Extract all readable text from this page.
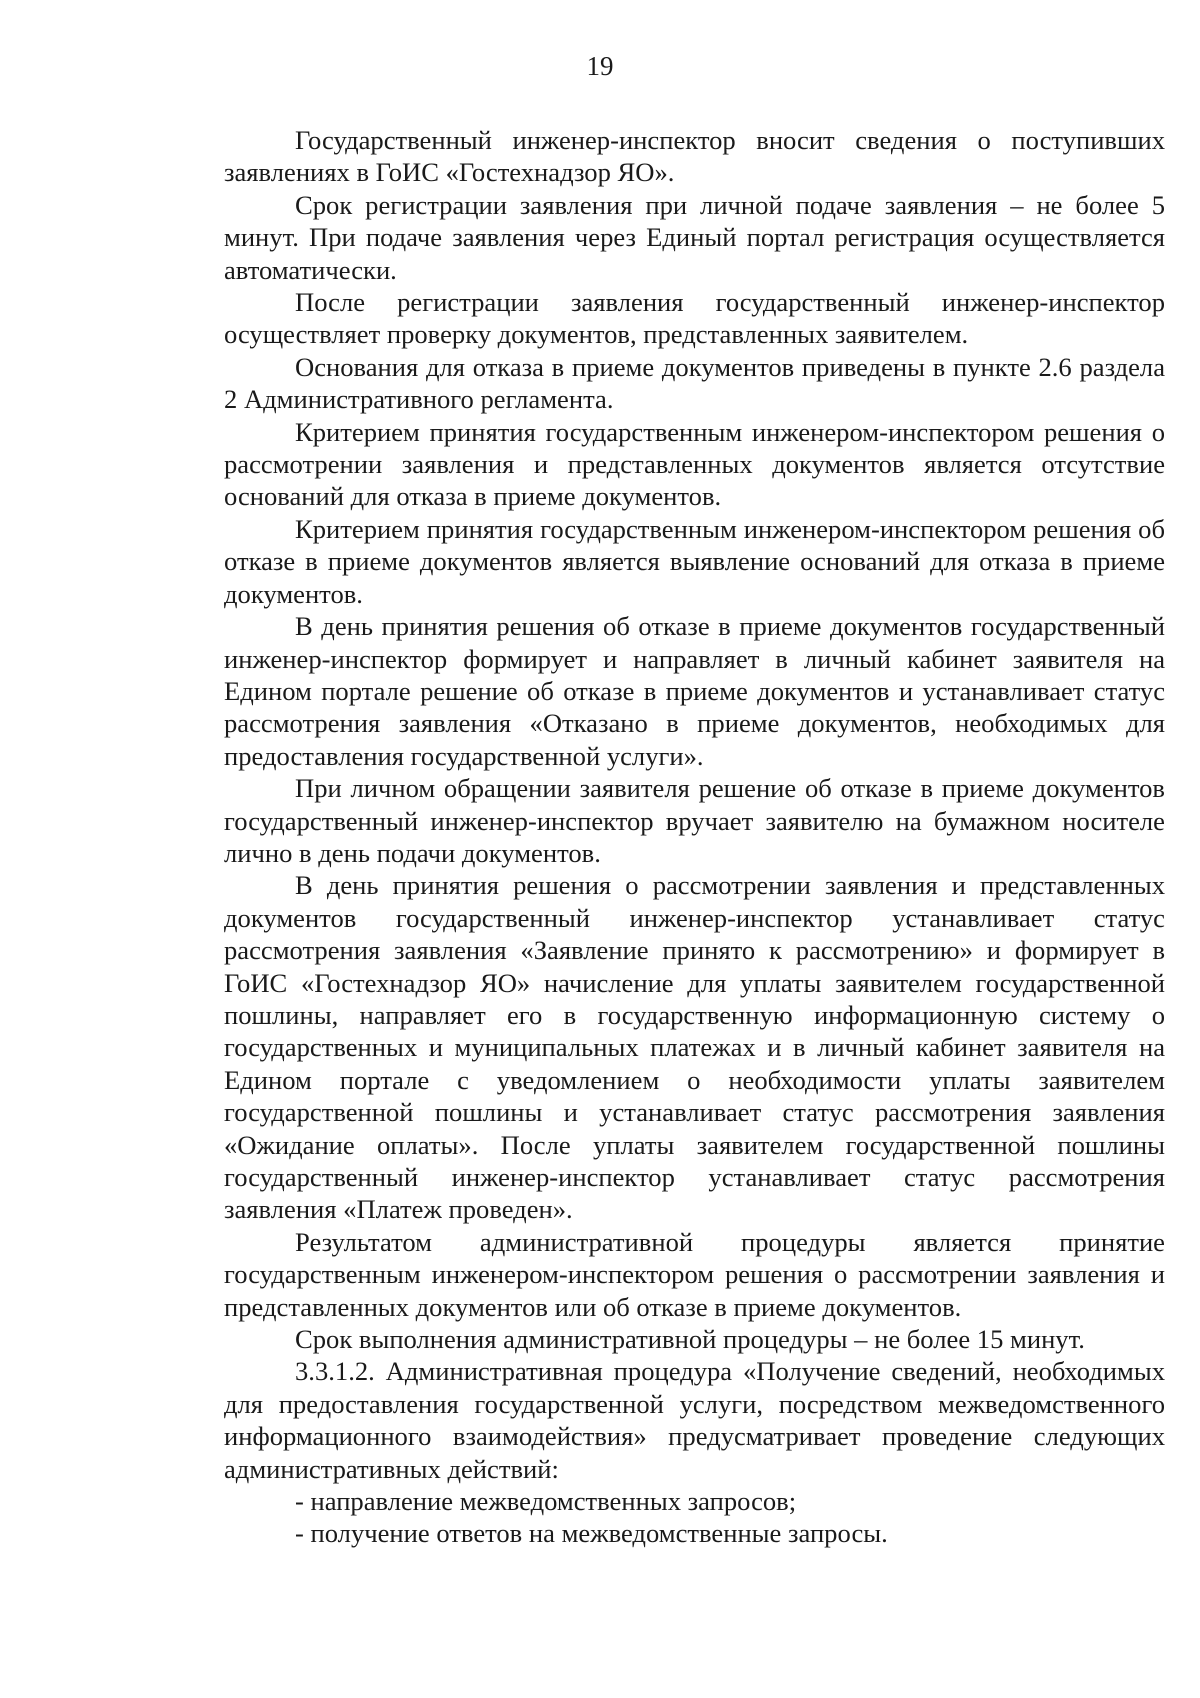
19

Государственный инженер-инспектор вносит сведения о поступивших заявлениях в ГоИС «Гостехнадзор ЯО».

Срок регистрации заявления при личной подаче заявления – не более 5 минут. При подаче заявления через Единый портал регистрация осуществляется автоматически.

После регистрации заявления государственный инженер-инспектор осуществляет проверку документов, представленных заявителем.

Основания для отказа в приеме документов приведены в пункте 2.6 раздела 2 Административного регламента.

Критерием принятия государственным инженером-инспектором решения о рассмотрении заявления и представленных документов является отсутствие оснований для отказа в приеме документов.

Критерием принятия государственным инженером-инспектором решения об отказе в приеме документов является выявление оснований для отказа в приеме документов.

В день принятия решения об отказе в приеме документов государственный инженер-инспектор формирует и направляет в личный кабинет заявителя на Едином портале решение об отказе в приеме документов и устанавливает статус рассмотрения заявления «Отказано в приеме документов, необходимых для предоставления государственной услуги».

При личном обращении заявителя решение об отказе в приеме документов государственный инженер-инспектор вручает заявителю на бумажном носителе лично в день подачи документов.

В день принятия решения о рассмотрении заявления и представленных документов государственный инженер-инспектор устанавливает статус рассмотрения заявления «Заявление принято к рассмотрению» и формирует в ГоИС «Гостехнадзор ЯО» начисление для уплаты заявителем государственной пошлины, направляет его в государственную информационную систему о государственных и муниципальных платежах и в личный кабинет заявителя на Едином портале с уведомлением о необходимости уплаты заявителем государственной пошлины и устанавливает статус рассмотрения заявления «Ожидание оплаты». После уплаты заявителем государственной пошлины государственный инженер-инспектор устанавливает статус рассмотрения заявления «Платеж проведен».

Результатом административной процедуры является принятие государственным инженером-инспектором решения о рассмотрении заявления и представленных документов или об отказе в приеме документов.

Срок выполнения административной процедуры – не более 15 минут.

3.3.1.2. Административная процедура «Получение сведений, необходимых для предоставления государственной услуги, посредством межведомственного информационного взаимодействия» предусматривает проведение следующих административных действий:

- направление межведомственных запросов;

- получение ответов на межведомственные запросы.
